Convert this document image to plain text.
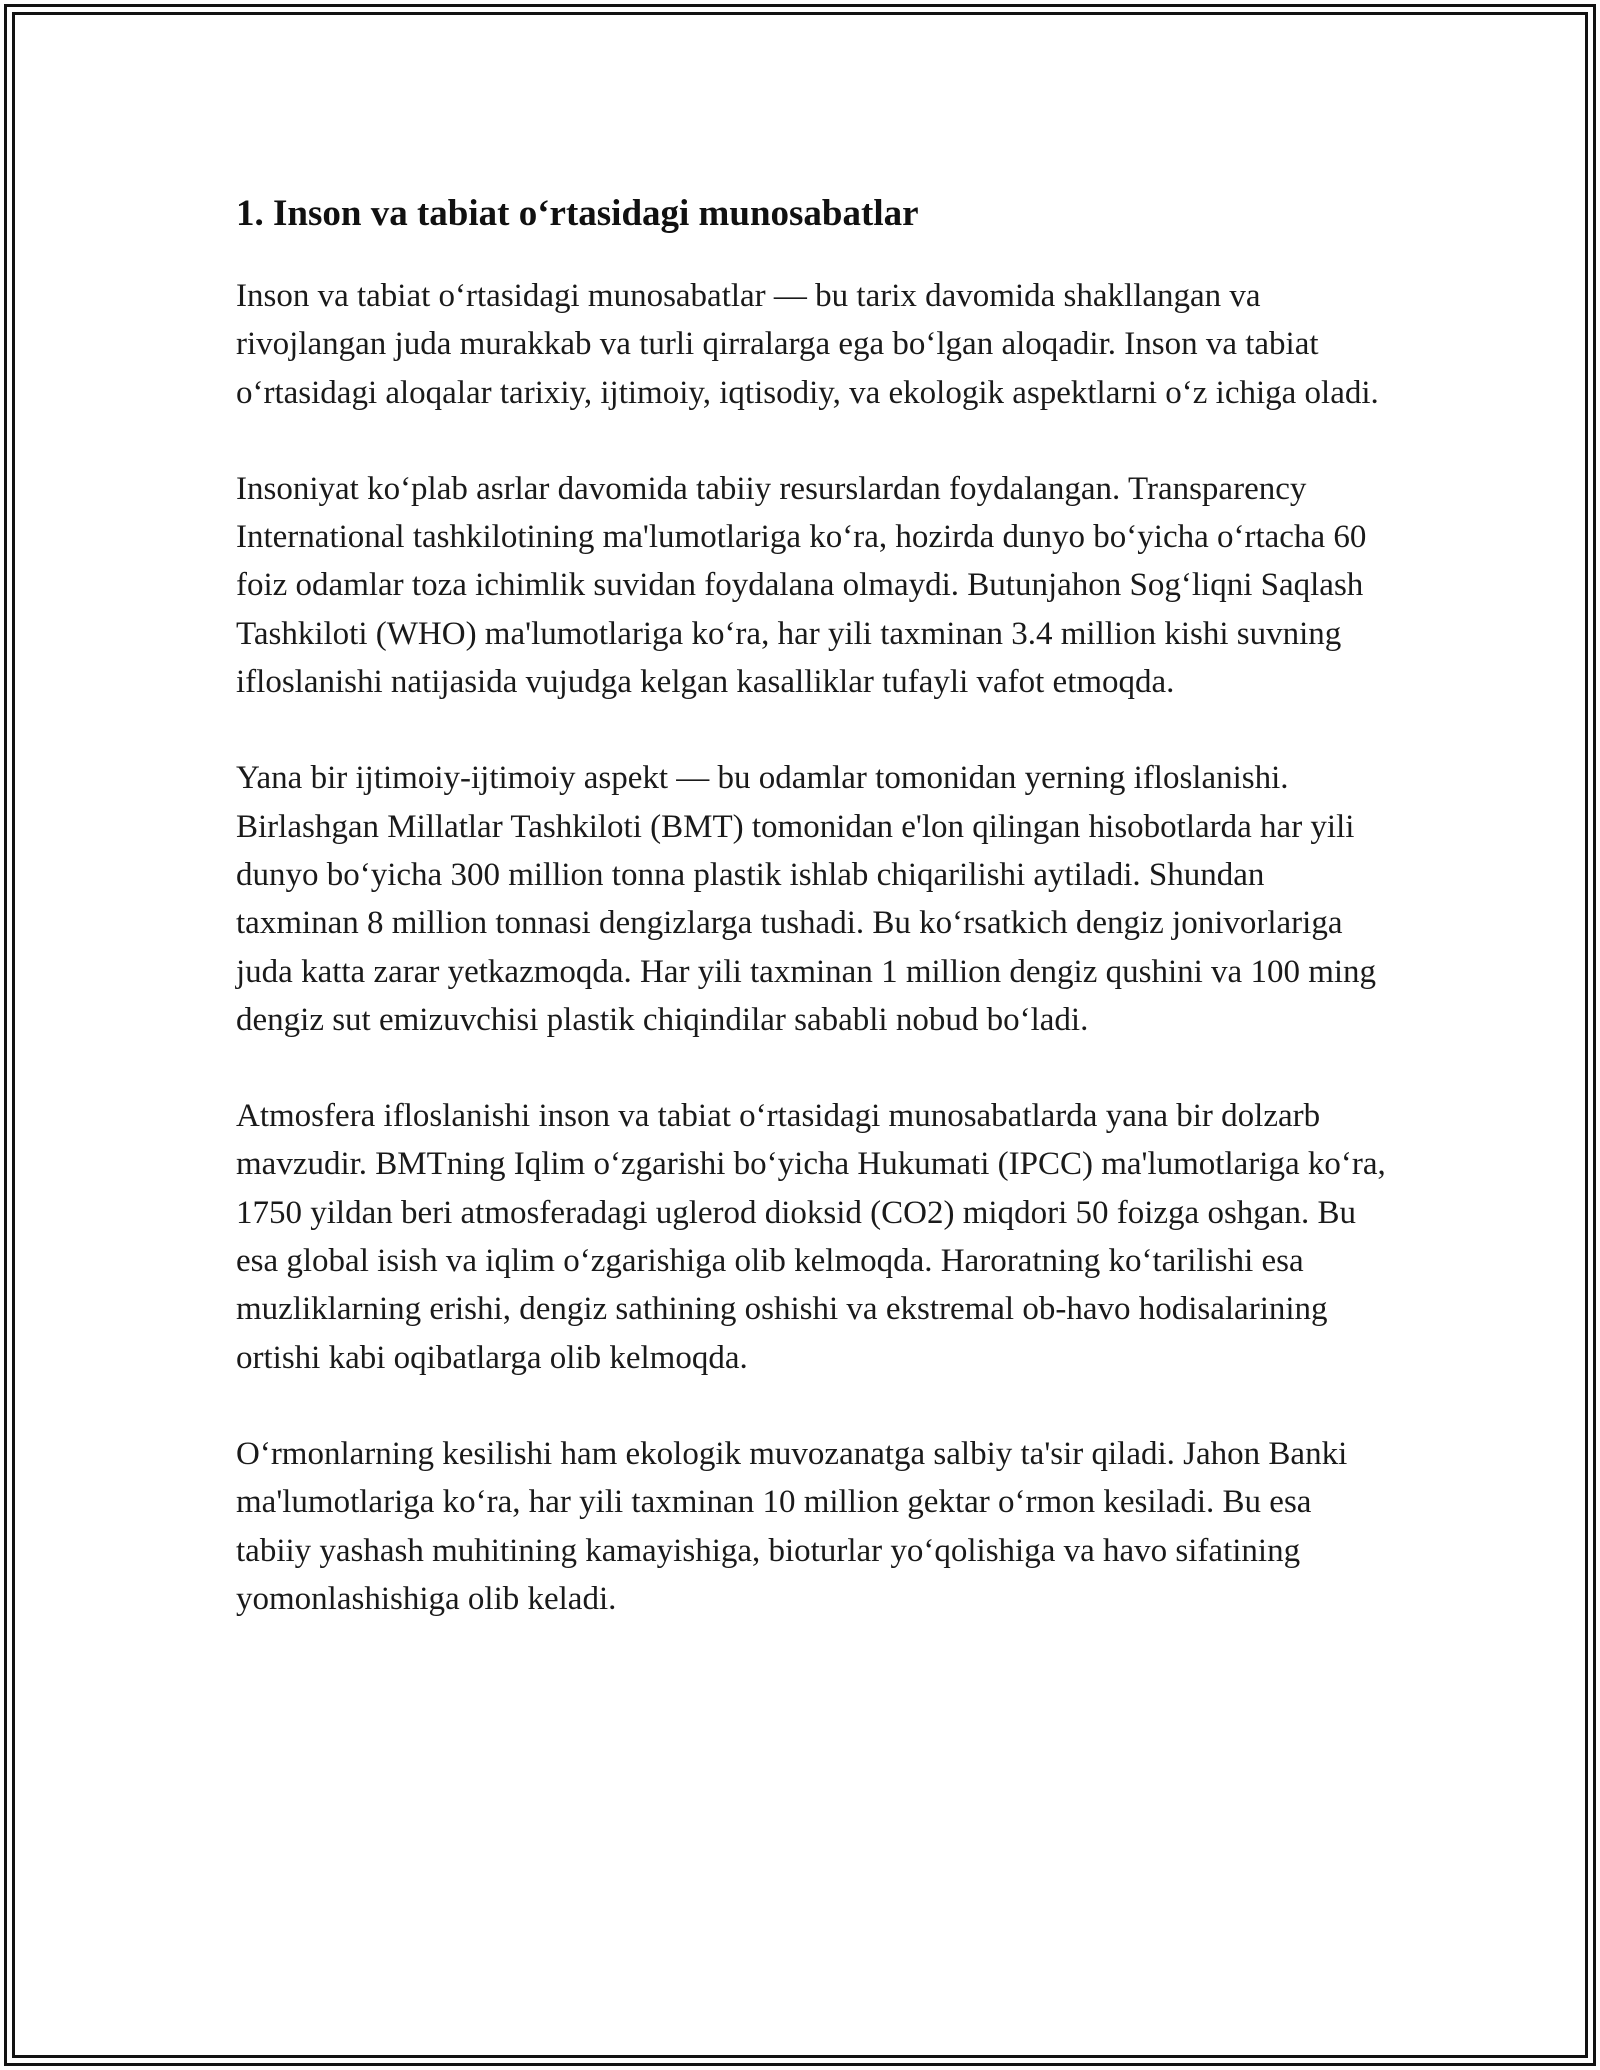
1. Inson va tabiat o‘rtasidagi munosabatlar

Inson va tabiat o‘rtasidagi munosabatlar — bu tarix davomida shakllangan va rivojlangan juda murakkab va turli qirralarga ega bo‘lgan aloqadir. Inson va tabiat o‘rtasidagi aloqalar tarixiy, ijtimoiy, iqtisodiy, va ekologik aspektlarni o‘z ichiga oladi.

Insoniyat ko‘plab asrlar davomida tabiiy resurslardan foydalangan. Transparency International tashkilotining ma'lumotlariga ko‘ra, hozirda dunyo bo‘yicha o‘rtacha 60 foiz odamlar toza ichimlik suvidan foydalana olmaydi. Butunjahon Sog‘liqni Saqlash Tashkiloti (WHO) ma'lumotlariga ko‘ra, har yili taxminan 3.4 million kishi suvning ifloslanishi natijasida vujudga kelgan kasalliklar tufayli vafot etmoqda.

Yana bir ijtimoiy-ijtimoiy aspekt — bu odamlar tomonidan yerning ifloslanishi. Birlashgan Millatlar Tashkiloti (BMT) tomonidan e'lon qilingan hisobotlarda har yili dunyo bo‘yicha 300 million tonna plastik ishlab chiqarilishi aytiladi. Shundan taxminan 8 million tonnasi dengizlarga tushadi. Bu ko‘rsatkich dengiz jonivorlariga juda katta zarar yetkazmoqda. Har yili taxminan 1 million dengiz qushini va 100 ming dengiz sut emizuvchisi plastik chiqindilar sababli nobud bo‘ladi.

Atmosfera ifloslanishi inson va tabiat o‘rtasidagi munosabatlarda yana bir dolzarb mavzudir. BMTning Iqlim o‘zgarishi bo‘yicha Hukumati (IPCC) ma'lumotlariga ko‘ra, 1750 yildan beri atmosferadagi uglerod dioksid (CO2) miqdori 50 foizga oshgan. Bu esa global isish va iqlim o‘zgarishiga olib kelmoqda. Haroratning ko‘tarilishi esa muzliklarning erishi, dengiz sathining oshishi va ekstremal ob-havo hodisalarining ortishi kabi oqibatlarga olib kelmoqda.

O‘rmonlarning kesilishi ham ekologik muvozanatga salbiy ta'sir qiladi. Jahon Banki ma'lumotlariga ko‘ra, har yili taxminan 10 million gektar o‘rmon kesiladi. Bu esa tabiiy yashash muhitining kamayishiga, bioturlar yo‘qolishiga va havo sifatining yomonlashishiga olib keladi.
